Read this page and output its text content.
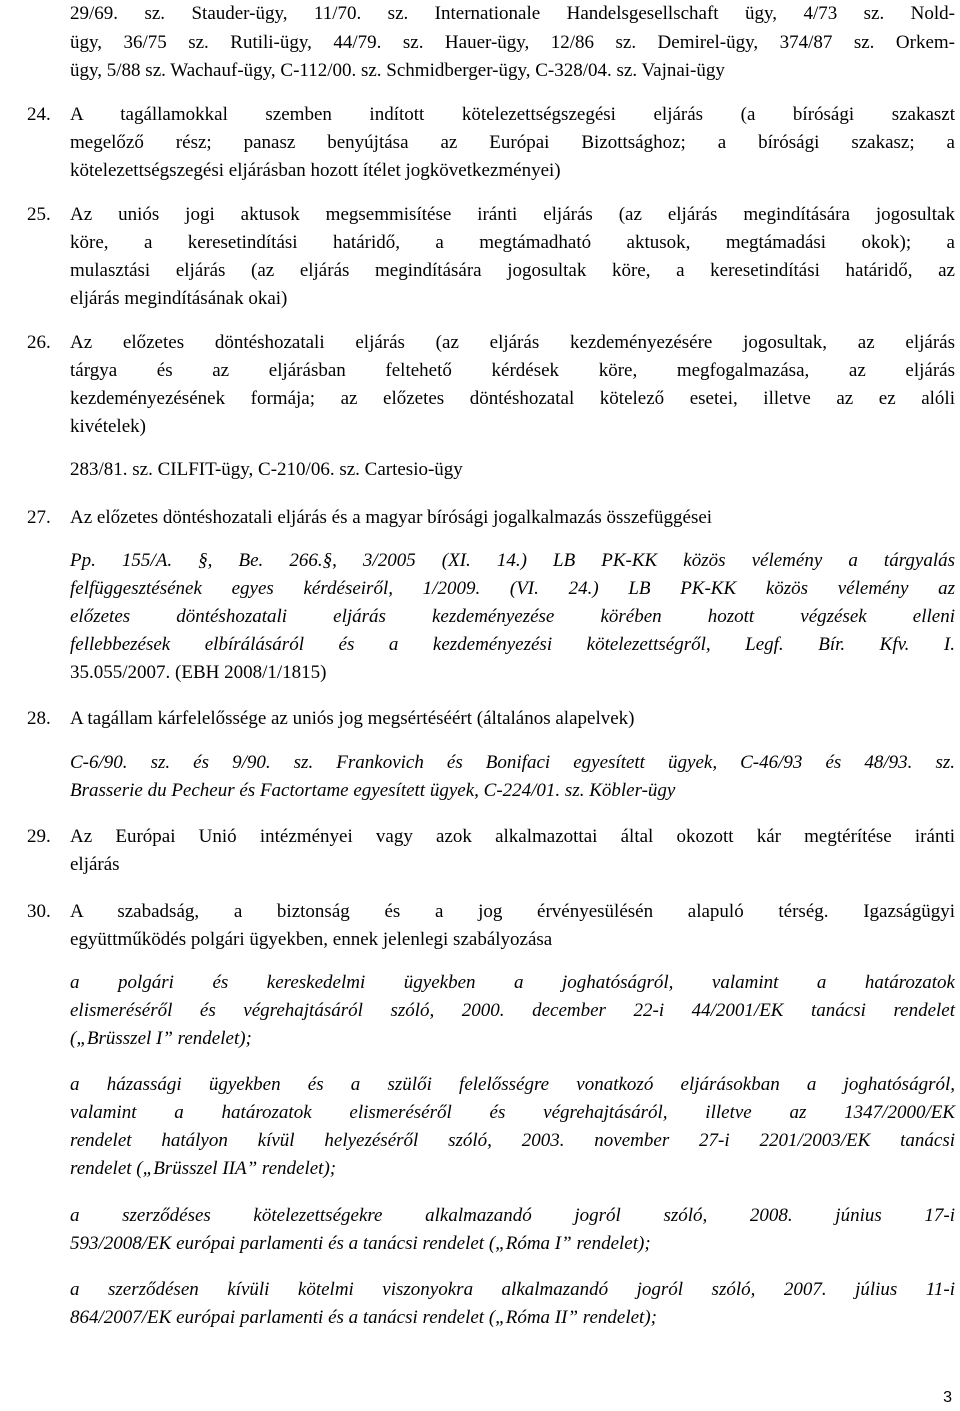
29/69. sz. Stauder-ügy, 11/70. sz. Internationale Handelsgesellschaft ügy, 4/73 sz. Nold-
ügy, 36/75 sz. Rutili-ügy, 44/79. sz. Hauer-ügy, 12/86 sz. Demirel-ügy, 374/87 sz. Orkem-
ügy, 5/88 sz. Wachauf-ügy, C-112/00. sz. Schmidberger-ügy, C-328/04. sz. Vajnai-ügy
24. A tagállamokkal szemben indított kötelezettségszegési eljárás (a bírósági szakaszt
megelőző rész; panasz benyújtása az Európai Bizottsághoz; a bírósági szakasz; a
kötelezettségszegési eljárásban hozott ítélet jogkövetkezményei)
25. Az uniós jogi aktusok megsemmisítése iránti eljárás (az eljárás megindítására jogosultak
köre, a keresetindítási határidő, a megtámadható aktusok, megtámadási okok); a
mulasztási eljárás (az eljárás megindítására jogosultak köre, a keresetindítási határidő, az
eljárás megindításának okai)
26. Az előzetes döntéshozatali eljárás (az eljárás kezdeményezésére jogosultak, az eljárás
tárgya és az eljárásban feltehető kérdések köre, megfogalmazása, az eljárás
kezdeményezésének formája; az előzetes döntéshozatal kötelező esetei, illetve az ez alóli
kivételek)
283/81. sz. CILFIT-ügy, C-210/06. sz. Cartesio-ügy
27. Az előzetes döntéshozatali eljárás és a magyar bírósági jogalkalmazás összefüggései
Pp. 155/A. §, Be. 266.§, 3/2005 (XI. 14.) LB PK-KK közös vélemény a tárgyalás
felfüggesztésének egyes kérdéseiről, 1/2009. (VI. 24.) LB PK-KK közös vélemény az
előzetes döntéshozatali eljárás kezdeményezése körében hozott végzések elleni
fellebbezések elbírálásáról és a kezdeményezési kötelezettségről, Legf. Bír. Kfv. I.
35.055/2007. (EBH 2008/1/1815)
28. A tagállam kárfelelőssége az uniós jog megsértéséért (általános alapelvek)
C-6/90. sz. és 9/90. sz. Frankovich és Bonifaci egyesített ügyek, C-46/93 és 48/93. sz.
Brasserie du Pecheur és Factortame egyesített ügyek, C-224/01. sz. Köbler-ügy
29. Az Európai Unió intézményei vagy azok alkalmazottai által okozott kár megtérítése iránti
eljárás
30. A szabadság, a biztonság és a jog érvényesülésén alapuló térség. Igazságügyi
együttműködés polgári ügyekben, ennek jelenlegi szabályozása
a polgári és kereskedelmi ügyekben a joghatóságról, valamint a határozatok
elismeréséről és végrehajtásáról szóló, 2000. december 22-i 44/2001/EK tanácsi rendelet
(„Brüsszel I” rendelet);
a házassági ügyekben és a szülői felelősségre vonatkozó eljárásokban a joghatóságról,
valamint a határozatok elismeréséről és végrehajtásáról, illetve az 1347/2000/EK
rendelet hatályon kívül helyezéséről szóló, 2003. november 27-i 2201/2003/EK tanácsi
rendelet („Brüsszel IIA” rendelet);
a szerződéses kötelezettségekre alkalmazandó jogról szóló, 2008. június 17-i
593/2008/EK európai parlamenti és a tanácsi rendelet („Róma I” rendelet);
a szerződésen kívüli kötelmi viszonyokra alkalmazandó jogról szóló, 2007. július 11-i
864/2007/EK európai parlamenti és a tanácsi rendelet („Róma II” rendelet);
3
